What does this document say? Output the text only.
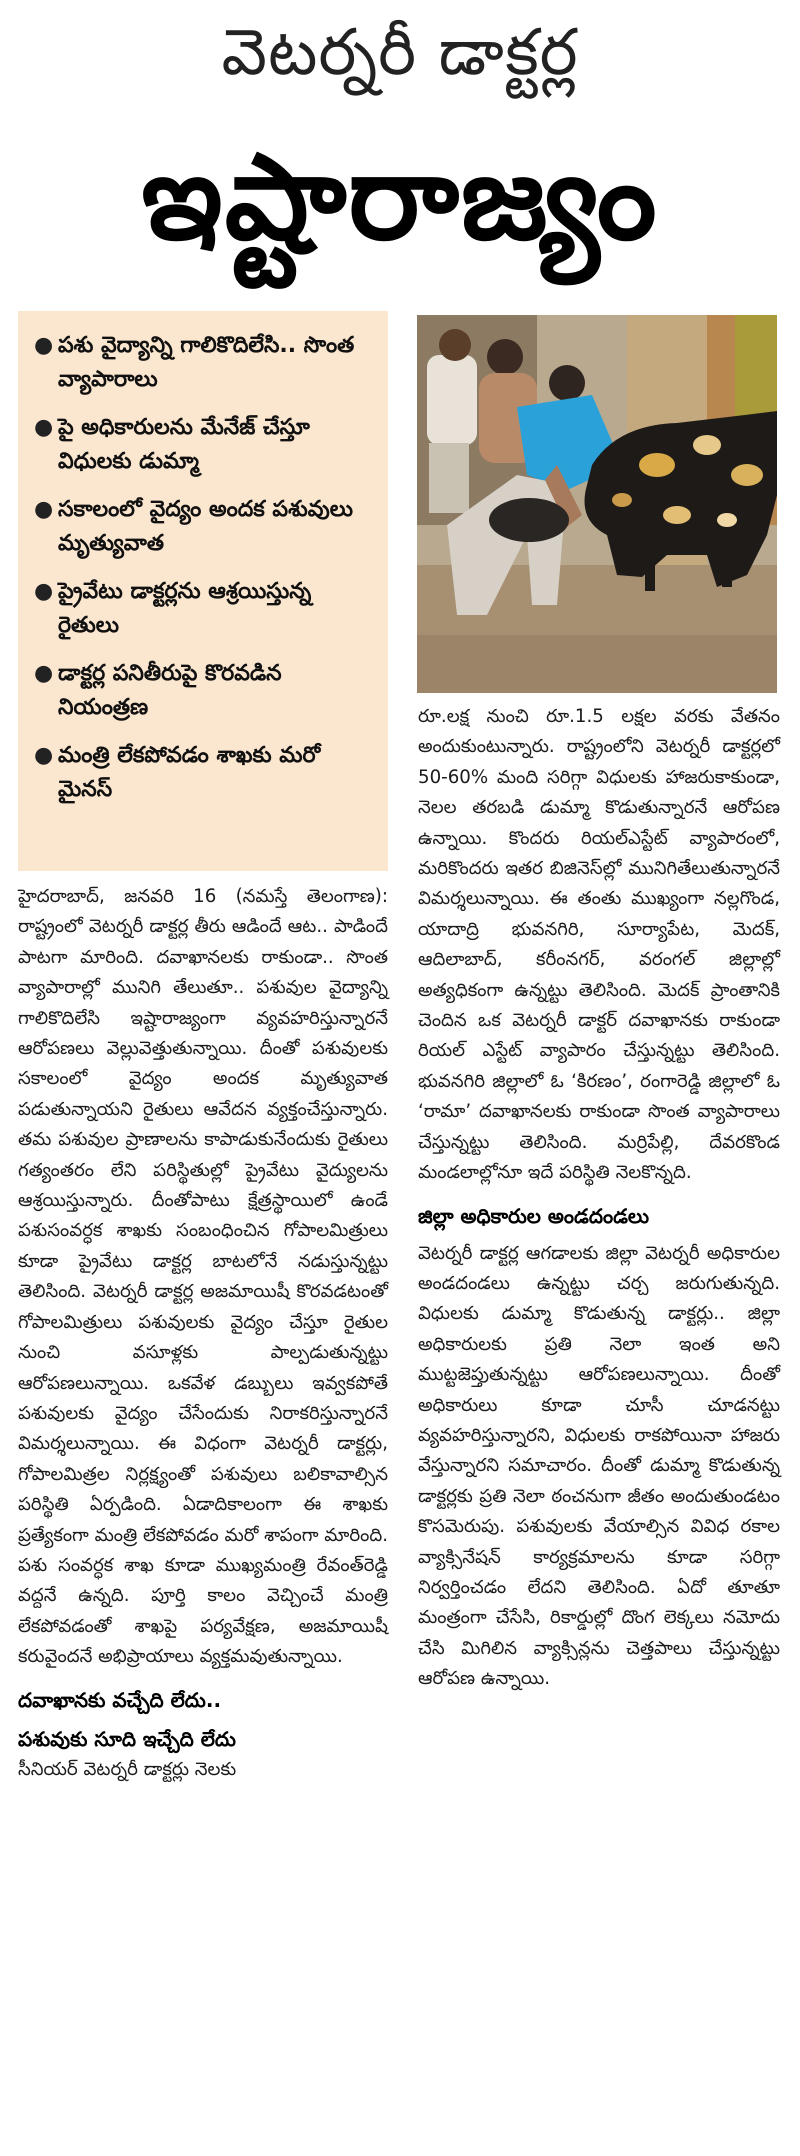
వెటర్నరీ డాక్టర్ల
ఇష్టారాజ్యం
● పశు వైద్యాన్ని గాలికొదిలేసి.. సొంత వ్యాపారాలు
● పై అధికారులను మేనేజ్ చేస్తూ విధులకు డుమ్మా
● సకాలంలో వైద్యం అందక పశువులు మృత్యువాత
● ప్రైవేటు డాక్టర్లను ఆశ్రయిస్తున్న రైతులు
● డాక్టర్ల పనితీరుపై కొరవడిన నియంత్రణ
● మంత్రి లేకపోవడం శాఖకు మరో మైనస్

హైదరాబాద్, జనవరి 16 (నమస్తే తెలంగాణ): రాష్ట్రంలో వెటర్నరీ డాక్టర్ల తీరు ఆడిందే ఆట.. పాడిందే పాటగా మారింది. దవాఖానలకు రాకుండా.. సొంత వ్యాపారాల్లో మునిగి తేలుతూ.. పశువుల వైద్యాన్ని గాలికొదిలేసి ఇష్టారాజ్యంగా వ్యవహరిస్తున్నారనే ఆరోపణలు వెల్లువెత్తుతున్నాయి. దీంతో పశువులకు సకాలంలో వైద్యం అందక మృత్యువాత పడుతున్నాయని రైతులు ఆవేదన వ్యక్తంచేస్తున్నారు. తమ పశువుల ప్రాణాలను కాపాడుకునేందుకు రైతులు గత్యంతరం లేని పరిస్థితుల్లో ప్రైవేటు వైద్యులను ఆశ్రయిస్తున్నారు. దీంతోపాటు క్షేత్రస్థాయిలో ఉండే పశుసంవర్ధక శాఖకు సంబంధించిన గోపాలమిత్రులు కూడా ప్రైవేటు డాక్టర్ల బాటలోనే నడుస్తున్నట్టు తెలిసింది. వెటర్నరీ డాక్టర్ల అజమాయిషీ కొరవడటంతో గోపాలమిత్రులు పశువులకు వైద్యం చేస్తూ రైతుల నుంచి వసూళ్లకు పాల్పడుతున్నట్టు ఆరోపణలున్నాయి. ఒకవేళ డబ్బులు ఇవ్వకపోతే పశువులకు వైద్యం చేసేందుకు నిరాకరిస్తున్నారనే విమర్శలున్నాయి. ఈ విధంగా వెటర్నరీ డాక్టర్లు, గోపాలమిత్రల నిర్లక్ష్యంతో పశువులు బలికావాల్సిన పరిస్థితి ఏర్పడింది. ఏడాదికాలంగా ఈ శాఖకు ప్రత్యేకంగా మంత్రి లేకపోవడం మరో శాపంగా మారింది. పశు సంవర్ధక శాఖ కూడా ముఖ్యమంత్రి రేవంత్‌రెడ్డి వద్దనే ఉన్నది. పూర్తి కాలం వెచ్చించే మంత్రి లేకపోవడంతో శాఖపై పర్యవేక్షణ, అజమాయిషీ కరువైందనే అభిప్రాయాలు వ్యక్తమవుతున్నాయి.

దవాఖానకు వచ్చేది లేదు..
పశువుకు సూది ఇచ్చేది లేదు

సీనియర్ వెటర్నరీ డాక్టర్లు నెలకు

రూ.లక్ష నుంచి రూ.1.5 లక్షల వరకు వేతనం అందుకుంటున్నారు. రాష్ట్రంలోని వెటర్నరీ డాక్టర్లలో 50-60% మంది సరిగ్గా విధులకు హాజరుకాకుండా, నెలల తరబడి డుమ్మా కొడుతున్నారనే ఆరోపణ ఉన్నాయి. కొందరు రియల్‌ఎస్టేట్ వ్యాపారంలో, మరికొందరు ఇతర బిజినెస్‌ల్లో మునిగితేలుతున్నారనే విమర్శలున్నాయి. ఈ తంతు ముఖ్యంగా నల్లగొండ, యాదాద్రి భువనగిరి, సూర్యాపేట, మెదక్, ఆదిలాబాద్, కరీంనగర్, వరంగల్ జిల్లాల్లో అత్యధికంగా ఉన్నట్టు తెలిసింది. మెదక్ ప్రాంతానికి చెందిన ఒక వెటర్నరీ డాక్టర్ దవాఖానకు రాకుండా రియల్ ఎస్టేట్ వ్యాపారం చేస్తున్నట్టు తెలిసింది. భువనగిరి జిల్లాలో ఓ ‘కిరణం’, రంగారెడ్డి జిల్లాలో ఓ ‘రామా’ దవాఖానలకు రాకుండా సొంత వ్యాపారాలు చేస్తున్నట్టు తెలిసింది. మర్రిపేల్లి, దేవరకొండ మండలాల్లోనూ ఇదే పరిస్థితి నెలకొన్నది.

జిల్లా అధికారుల అండదండలు

వెటర్నరీ డాక్టర్ల ఆగడాలకు జిల్లా వెటర్నరీ అధికారుల అండదండలు ఉన్నట్టు చర్చ జరుగుతున్నది. విధులకు డుమ్మా కొడుతున్న డాక్టర్లు.. జిల్లా అధికారులకు ప్రతి నెలా ఇంత అని ముట్టజెప్తుతున్నట్టు ఆరోపణలున్నాయి. దీంతో అధికారులు కూడా చూసీ చూడనట్టు వ్యవహరిస్తున్నారని, విధులకు రాకపోయినా హాజరు వేస్తున్నారని సమాచారం. దీంతో డుమ్మా కొడుతున్న డాక్టర్లకు ప్రతి నెలా ఠంచనుగా జీతం అందుతుండటం కొసమెరుపు. పశువులకు వేయాల్సిన వివిధ రకాల వ్యాక్సినేషన్ కార్యక్రమాలను కూడా సరిగ్గా నిర్వర్తించడం లేదని తెలిసింది. ఏదో తూతూ మంత్రంగా చేసేసి, రికార్డుల్లో దొంగ లెక్కలు నమోదు చేసి మిగిలిన వ్యాక్సిన్లను చెత్తపాలు చేస్తున్నట్టు ఆరోపణ ఉన్నాయి.
